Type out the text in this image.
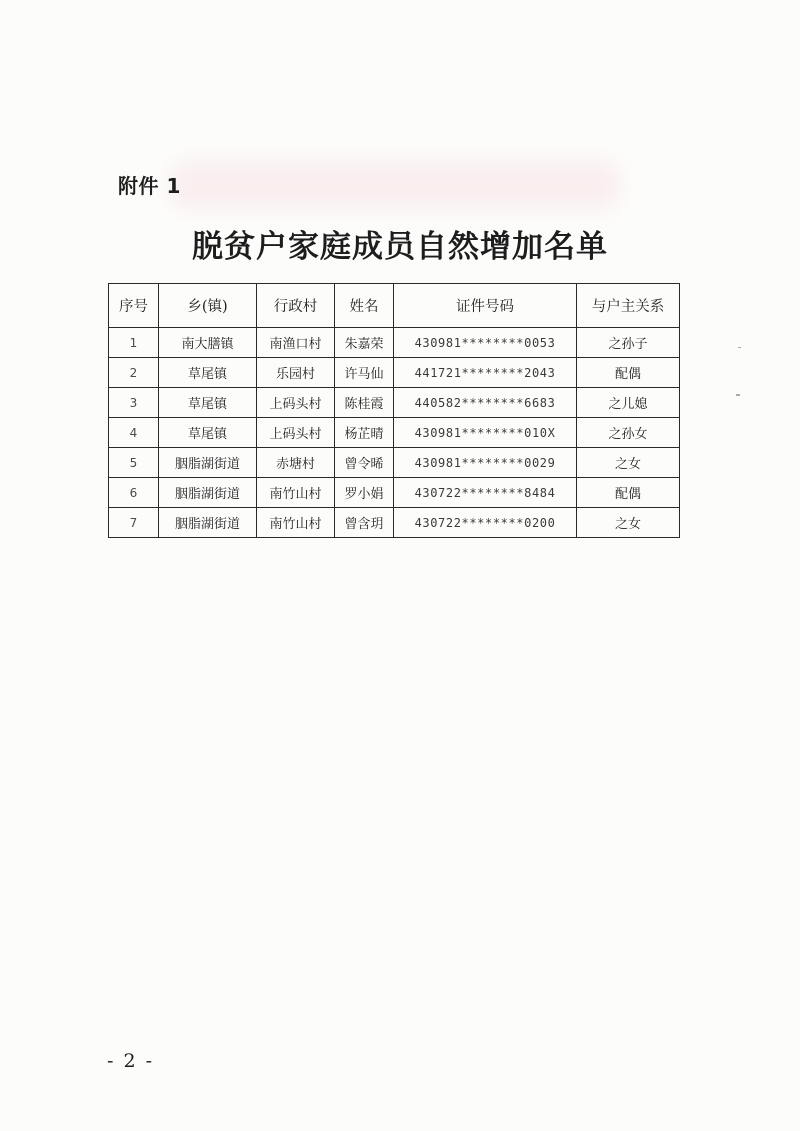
附件 1
脱贫户家庭成员自然增加名单
序号	乡(镇)	行政村	姓名	证件号码	与户主关系
1	南大膳镇	南渔口村	朱嘉荣	430981********0053	之孙子
2	草尾镇	乐园村	许马仙	441721********2043	配偶
3	草尾镇	上码头村	陈桂霞	440582********6683	之儿媳
4	草尾镇	上码头村	杨芷晴	430981********010X	之孙女
5	胭脂湖街道	赤塘村	曾令晞	430981********0029	之女
6	胭脂湖街道	南竹山村	罗小娟	430722********8484	配偶
7	胭脂湖街道	南竹山村	曾含玥	430722********0200	之女
- 2 -
